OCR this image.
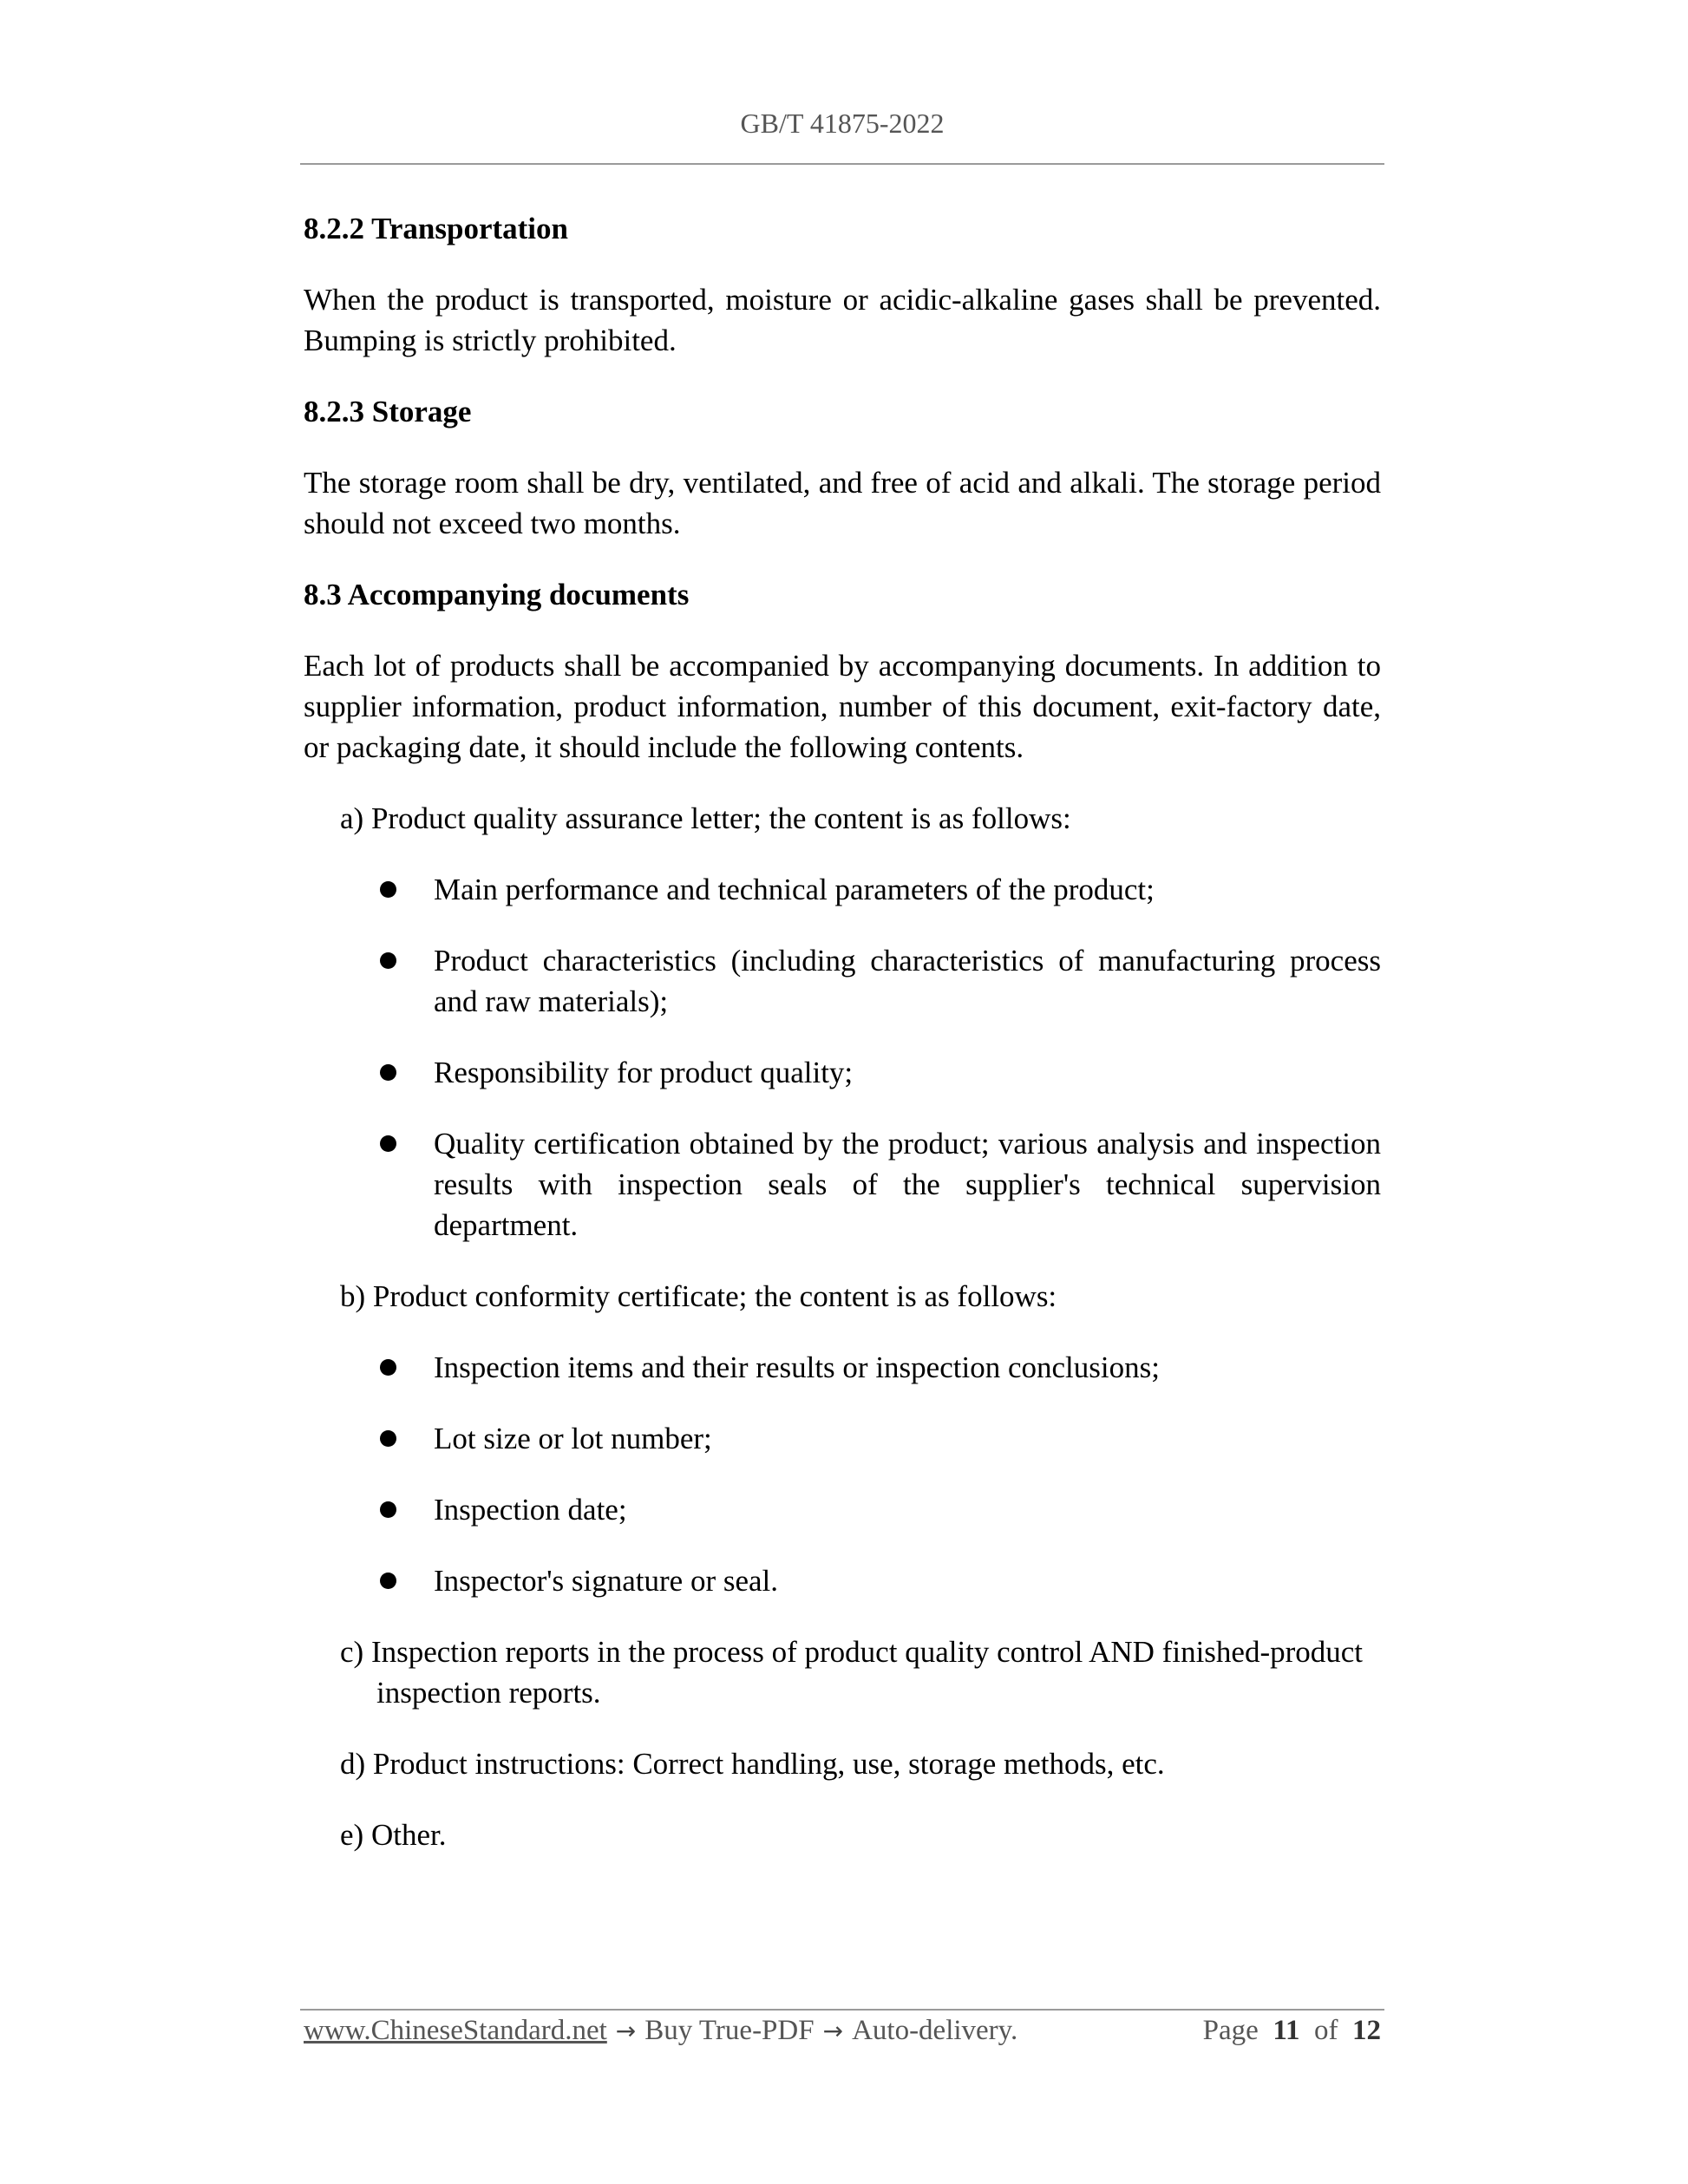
GB/T 41875-2022
8.2.2 Transportation
When the product is transported, moisture or acidic-alkaline gases shall be prevented. Bumping is strictly prohibited.
8.2.3 Storage
The storage room shall be dry, ventilated, and free of acid and alkali. The storage period should not exceed two months.
8.3 Accompanying documents
Each lot of products shall be accompanied by accompanying documents. In addition to supplier information, product information, number of this document, exit-factory date, or packaging date, it should include the following contents.
a) Product quality assurance letter; the content is as follows:
Main performance and technical parameters of the product;
Product characteristics (including characteristics of manufacturing process and raw materials);
Responsibility for product quality;
Quality certification obtained by the product; various analysis and inspection results with inspection seals of the supplier's technical supervision department.
b) Product conformity certificate; the content is as follows:
Inspection items and their results or inspection conclusions;
Lot size or lot number;
Inspection date;
Inspector's signature or seal.
c) Inspection reports in the process of product quality control AND finished-product inspection reports.
d) Product instructions: Correct handling, use, storage methods, etc.
e) Other.
www.ChineseStandard.net → Buy True-PDF → Auto-delivery.	Page 11 of 12
